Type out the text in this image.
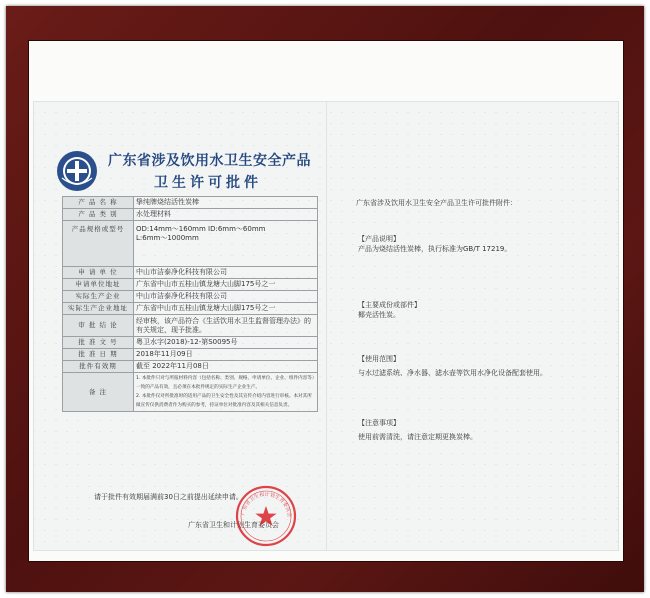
广东省涉及饮用水卫生安全产品
卫生许可批件
产 品 名 称	挚纯牌烧结活性炭棒
产 品 类 别	水处理材料
产品规格或型号	OD:14mm～160mm ID:6mm～60mm
L:6mm～1000mm
申 请 单 位	中山市洁泰净化科技有限公司
申请单位地址	广东省中山市五桂山镇龙塘大山脚175号之一
实际生产企业	中山市洁泰净化科技有限公司
实际生产企业地址	广东省中山市五桂山镇龙塘大山脚175号之一
审 批 结 论	经审核，该产品符合《生活饮用水卫生监督管理办法》的有关规定，现予批准。
批 准 文 号	粤卫水字(2018)-12-第S0095号
批 准 日 期	2018年11月09日
批件有效期	截至 2022年11月08日
备 注	1. 本批件只对与所报材料内容（包括名称、类别、规格、申请单位、企业、组件内容等）一致的产品有效，且必须在本批件规定的实际生产企业生产。
2. 本批件仅对所批准时的适用产品的卫生安全性及其宣传介绍内容进行审核。本对其所做宣传仅供消费者作为购买的参考，持证单位对批准内容及其相关信息负责。
请于批件有效期届满前30日之前提出延续申请。
广东省卫生和计划生育委员会
广东省卫生和计划生育委员会
广东省涉及饮用水卫生安全产品卫生许可批件附件：
【产品说明】
产品为烧结活性炭棒，执行标准为GB/T 17219。
【主要成份或部件】
椰壳活性炭。
【使用范围】
与水过滤系统、净水器、滤水壶等饮用水净化设备配套使用。
【注意事项】
使用前需清洗，请注意定期更换炭棒。
